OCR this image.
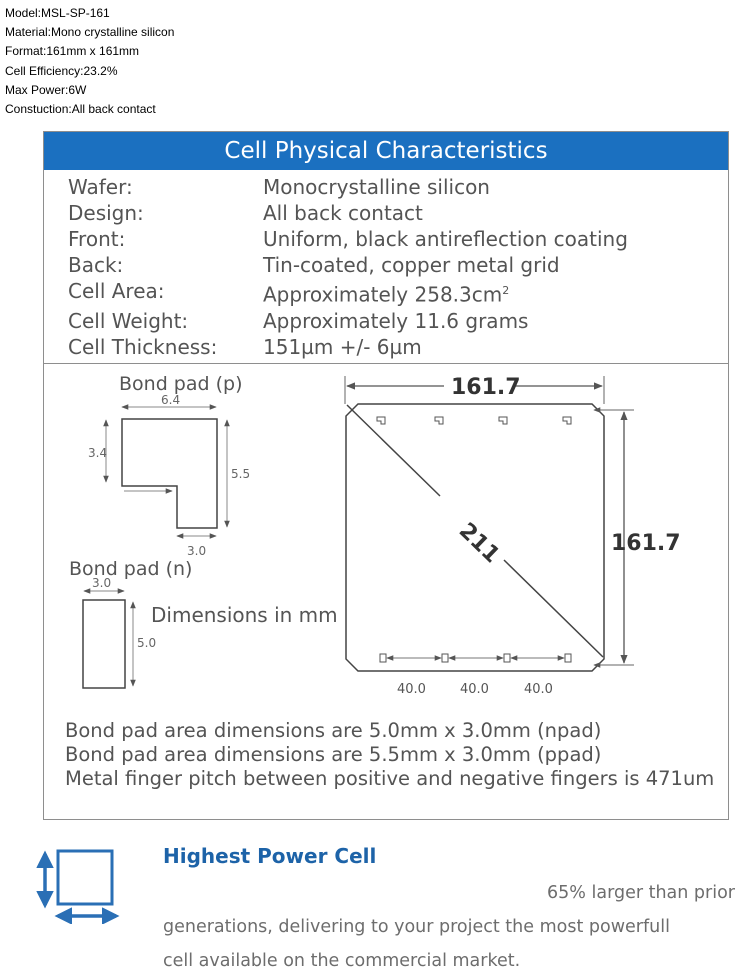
Model:MSL-SP-161
Material:Mono crystalline silicon
Format:161mm x 161mm
Cell Efficiency:23.2%
Max Power:6W
Constuction:All back contact
Cell Physical Characteristics
Wafer:	Monocrystalline silicon
Design:	All back contact
Front:	Uniform, black antireflection coating
Back:	Tin-coated, copper metal grid
Cell Area:	Approximately $258.3cm^2$
Cell Weight:	Approximately 11.6 grams
Cell Thickness:	151µm +/- 6µm
Bond pad (p)
6.4
3.4
5.5
3.0
Bond pad (n)
3.0
5.0
Dimensions in mm
161.7
211	161.7
40.0	40.0	40.0
Bond pad area dimensions are 5.0mm x 3.0mm (npad)
Bond pad area dimensions are 5.5mm x 3.0mm (ppad)
Metal finger pitch between positive and negative fingers is 471um
Highest Power Cell
65% larger than prior
generations, delivering to your project the most powerfull
cell available on the commercial market.
